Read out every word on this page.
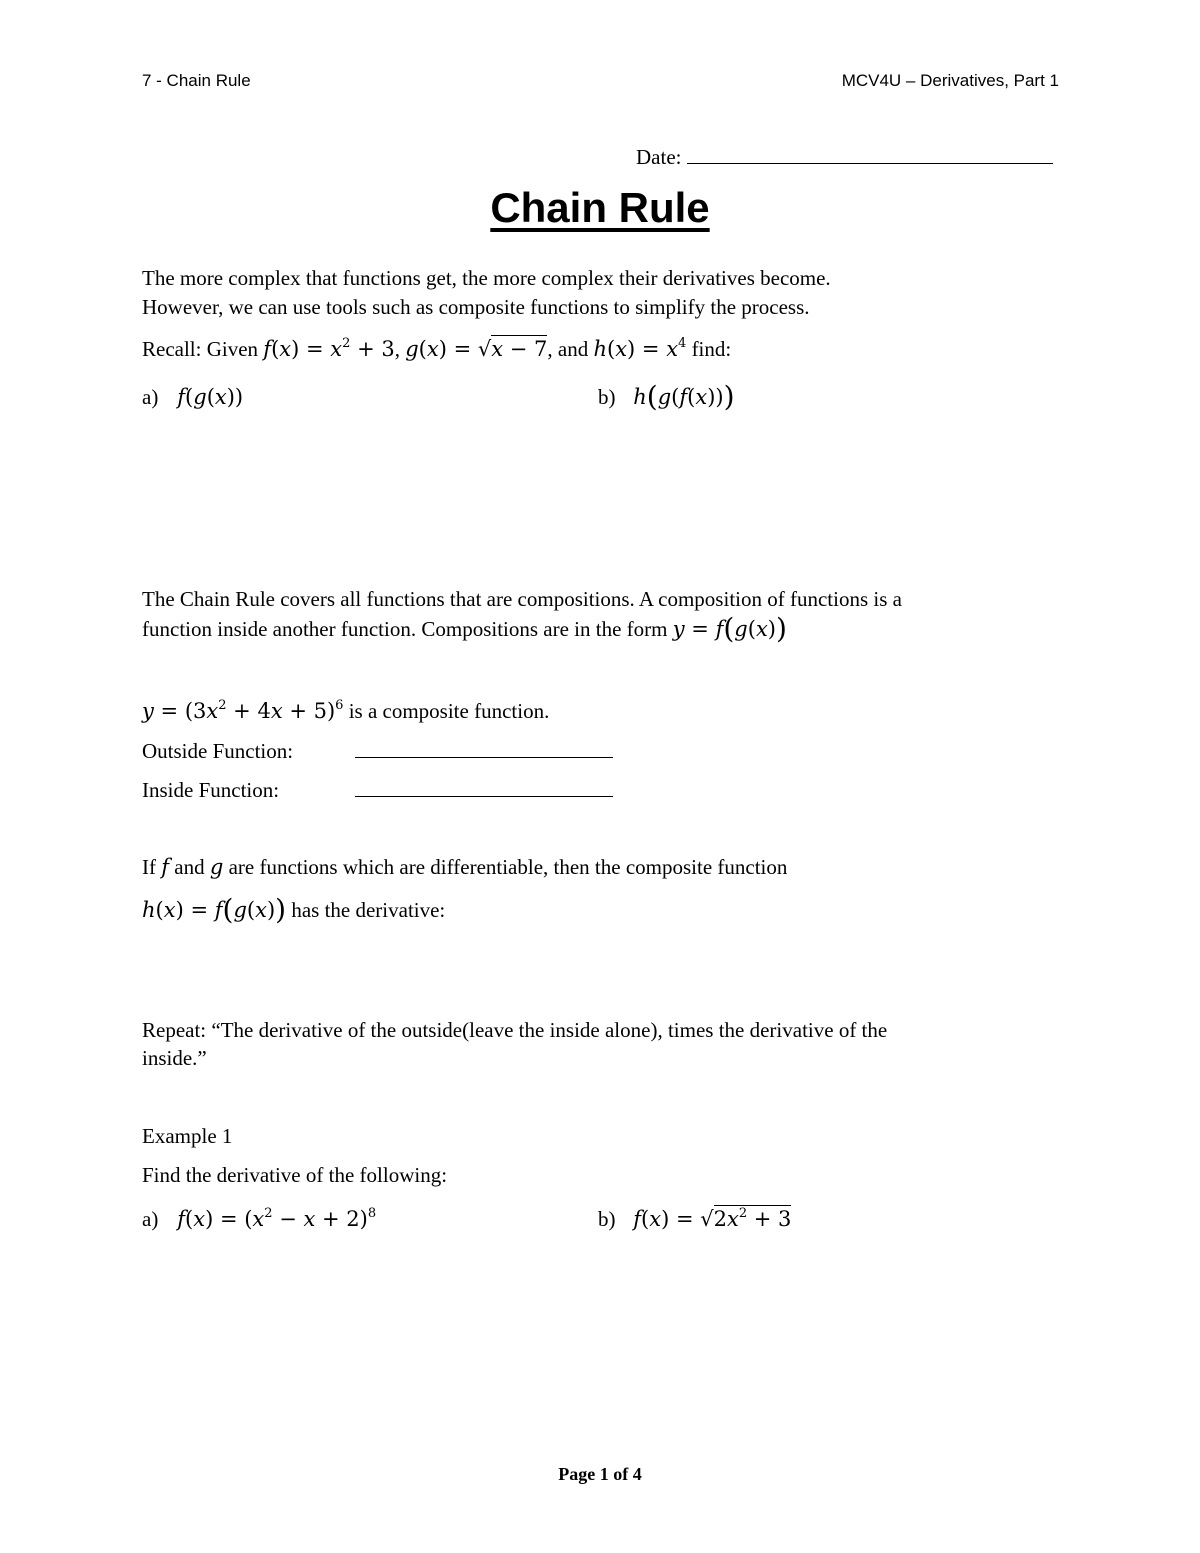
7 - Chain Rule	MCV4U – Derivatives, Part 1
Date:
Chain Rule
The more complex that functions get, the more complex their derivatives become.
However, we can use tools such as composite functions to simplify the process.
Recall: Given $f(x) = x^2 + 3$, g(x) = √x − 7, and $h(x) = x^4$ find:
a) f(g(x))	b) h(g(f(x)))
The Chain Rule covers all functions that are compositions. A composition of functions is a
function inside another function. Compositions are in the form y = f(g(x))
$y = (3x^2 + 4x + 5)^6$ is a composite function.
Outside Function:
Inside Function:
If f and g are functions which are differentiable, then the composite function
h(x) = f(g(x)) has the derivative:
Repeat: “The derivative of the outside(leave the inside alone), times the derivative of the
inside.”
Example 1
Find the derivative of the following:
a) $f(x) = (x^2 - x + 2)^8$	b) $f(x) = √2x^2 + 3$
Page 1 of 4
